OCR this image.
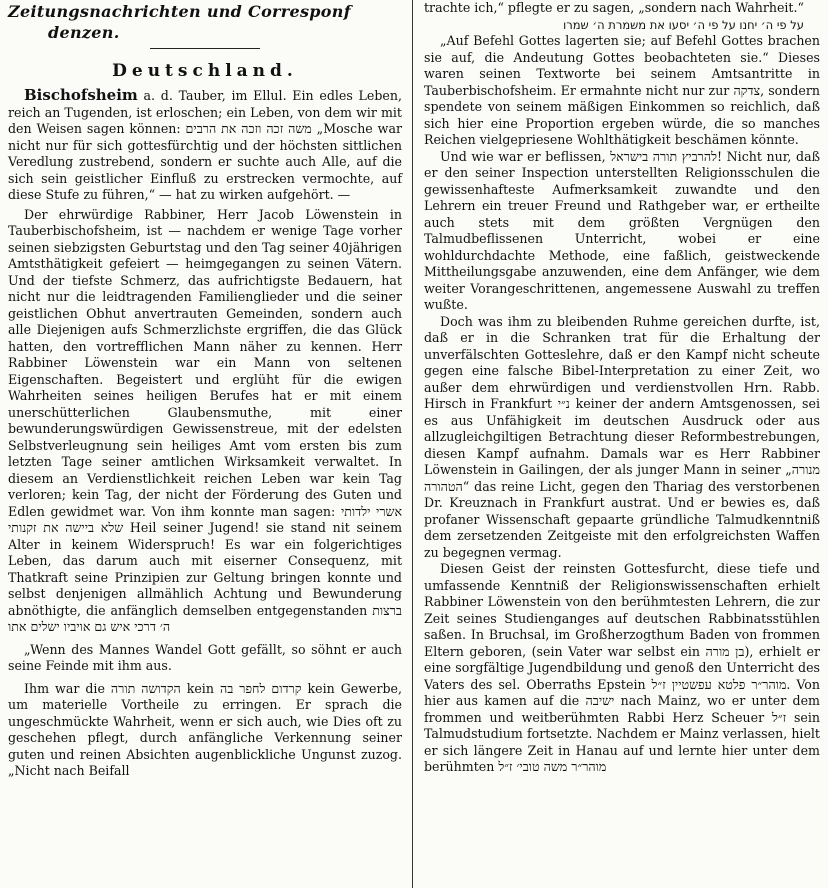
Zeitungsnachrichten und Corresponf
denzen.
Deutschland.

Bischofsheim a. d. Tauber, im Ellul. Ein edles Leben, reich an Tugenden, ist erloschen; ein Leben, von dem wir mit den Weisen sagen können: משה זכה וזכה את הרבים „Mosche war nicht nur für sich gottesfürchtig und der höchsten sittlichen Veredlung zustrebend, sondern er suchte auch Alle, auf die sich sein geistlicher Einfluß zu erstrecken vermochte, auf diese Stufe zu führen,“ — hat zu wirken aufgehört. —

Der ehrwürdige Rabbiner, Herr Jacob Löwenstein in Tauberbischofsheim, ist — nachdem er wenige Tage vorher seinen siebzigsten Geburtstag und den Tag seiner 40jährigen Amtsthätigkeit gefeiert — heimgegangen zu seinen Vätern. Und der tiefste Schmerz, das aufrichtigste Bedauern, hat nicht nur die leidtragenden Familienglieder und die seiner geistlichen Obhut anvertrauten Gemeinden, sondern auch alle Diejenigen aufs Schmerzlichste ergriffen, die das Glück hatten, den vortrefflichen Mann näher zu kennen. Herr Rabbiner Löwenstein war ein Mann von seltenen Eigenschaften. Begeistert und erglüht für die ewigen Wahrheiten seines heiligen Berufes hat er mit einem unerschütterlichen Glaubensmuthe, mit einer bewunderungswürdigen Gewissenstreue, mit der edelsten Selbstverleugnung sein heiliges Amt vom ersten bis zum letzten Tage seiner amtlichen Wirksamkeit verwaltet. In diesem an Verdienstlichkeit reichen Leben war kein Tag verloren; kein Tag, der nicht der Förderung des Guten und Edlen gewidmet war. Von ihm konnte man sagen: אשרי ילדותי שלא ביישה את זקנותי Heil seiner Jugend! sie stand nit seinem Alter in keinem Widerspruch! Es war ein folgerichtiges Leben, das darum auch mit eiserner Consequenz, mit Thatkraft seine Prinzipien zur Geltung bringen konnte und selbst denjenigen allmählich Achtung und Bewunderung abnöthigte, die anfänglich demselben entgegenstanden ברצות ה׳ דרכי איש גם אויביו ישלים אתו

„Wenn des Mannes Wandel Gott gefällt, so söhnt er auch seine Feinde mit ihm aus.

Ihm war die הקדושה תורה kein קרדום לחפר בה kein Gewerbe, um materielle Vortheile zu erringen. Er sprach die ungeschmückte Wahrheit, wenn er sich auch, wie Dies oft zu geschehen pflegt, durch anfängliche Verkennung seiner guten und reinen Absichten augenblickliche Ungunst zuzog. „Nicht nach Beifall

trachte ich,“ pflegte er zu sagen, „sondern nach Wahrheit.“

על פי ה׳ יחנו על פי ה׳ יסעו את משמרת ה׳ שמרו

„Auf Befehl Gottes lagerten sie; auf Befehl Gottes brachen sie auf, die Andeutung Gottes beobachteten sie.“ Dieses waren seinen Textworte bei seinem Amtsantritte in Tauberbischofsheim. Er ermahnte nicht nur zur צדקה, sondern spendete von seinem mäßigen Einkommen so reichlich, daß sich hier eine Proportion ergeben würde, die so manches Reichen vielgepriesene Wohlthätigkeit beschämen könnte.

Und wie war er beflissen, להרביץ תורה בישראל! Nicht nur, daß er den seiner Inspection unterstellten Religionsschulen die gewissenhafteste Aufmerksamkeit zuwandte und den Lehrern ein treuer Freund und Rathgeber war, er ertheilte auch stets mit dem größten Vergnügen den Talmudbeflissenen Unterricht, wobei er eine wohldurchdachte Methode, eine faßlich, geistweckende Mittheilungsgabe anzuwenden, eine dem Anfänger, wie dem weiter Vorangeschrittenen, angemessene Auswahl zu treffen wußte.

Doch was ihm zu bleibenden Ruhme gereichen durfte, ist, daß er in die Schranken trat für die Erhaltung der unverfälschten Gotteslehre, daß er den Kampf nicht scheute gegen eine falsche Bibel-Interpretation zu einer Zeit, wo außer dem ehrwürdigen und verdienstvollen Hrn. Rabb. Hirsch in Frankfurt נ״י keiner der andern Amtsgenossen, sei es aus Unfähigkeit im deutschen Ausdruck oder aus allzugleichgiltigen Betrachtung dieser Reformbestrebungen, diesen Kampf aufnahm. Damals war es Herr Rabbiner Löwenstein in Gailingen, der als junger Mann in seiner „מנורה הטהורה“ das reine Licht, gegen den Thariag des verstorbenen Dr. Kreuznach in Frankfurt austrat. Und er bewies es, daß profaner Wissenschaft gepaarte gründliche Talmudkenntniß dem zersetzenden Zeitgeiste mit den erfolgreichsten Waffen zu begegnen vermag.

Diesen Geist der reinsten Gottesfurcht, diese tiefe und umfassende Kenntniß der Religionswissenschaften erhielt Rabbiner Löwenstein von den berühmtesten Lehrern, die zur Zeit seines Studienganges auf deutschen Rabbinatsstühlen saßen. In Bruchsal, im Großherzogthum Baden von frommen Eltern geboren, (sein Vater war selbst ein בן מורה), erhielt er eine sorgfältige Jugendbildung und genoß den Unterricht des Vaters des sel. Oberraths Epstein מוהר״ר פלטא עפשטיין ז״ל. Von hier aus kamen auf die ישיבה nach Mainz, wo er unter dem frommen und weitberühmten Rabbi Herz Scheuer ז״ל sein Talmudstudium fortsetzte. Nachdem er Mainz verlassen, hielt er sich längere Zeit in Hanau auf und lernte hier unter dem berühmten מוהר״ר משה טובי׳ ז״ל
